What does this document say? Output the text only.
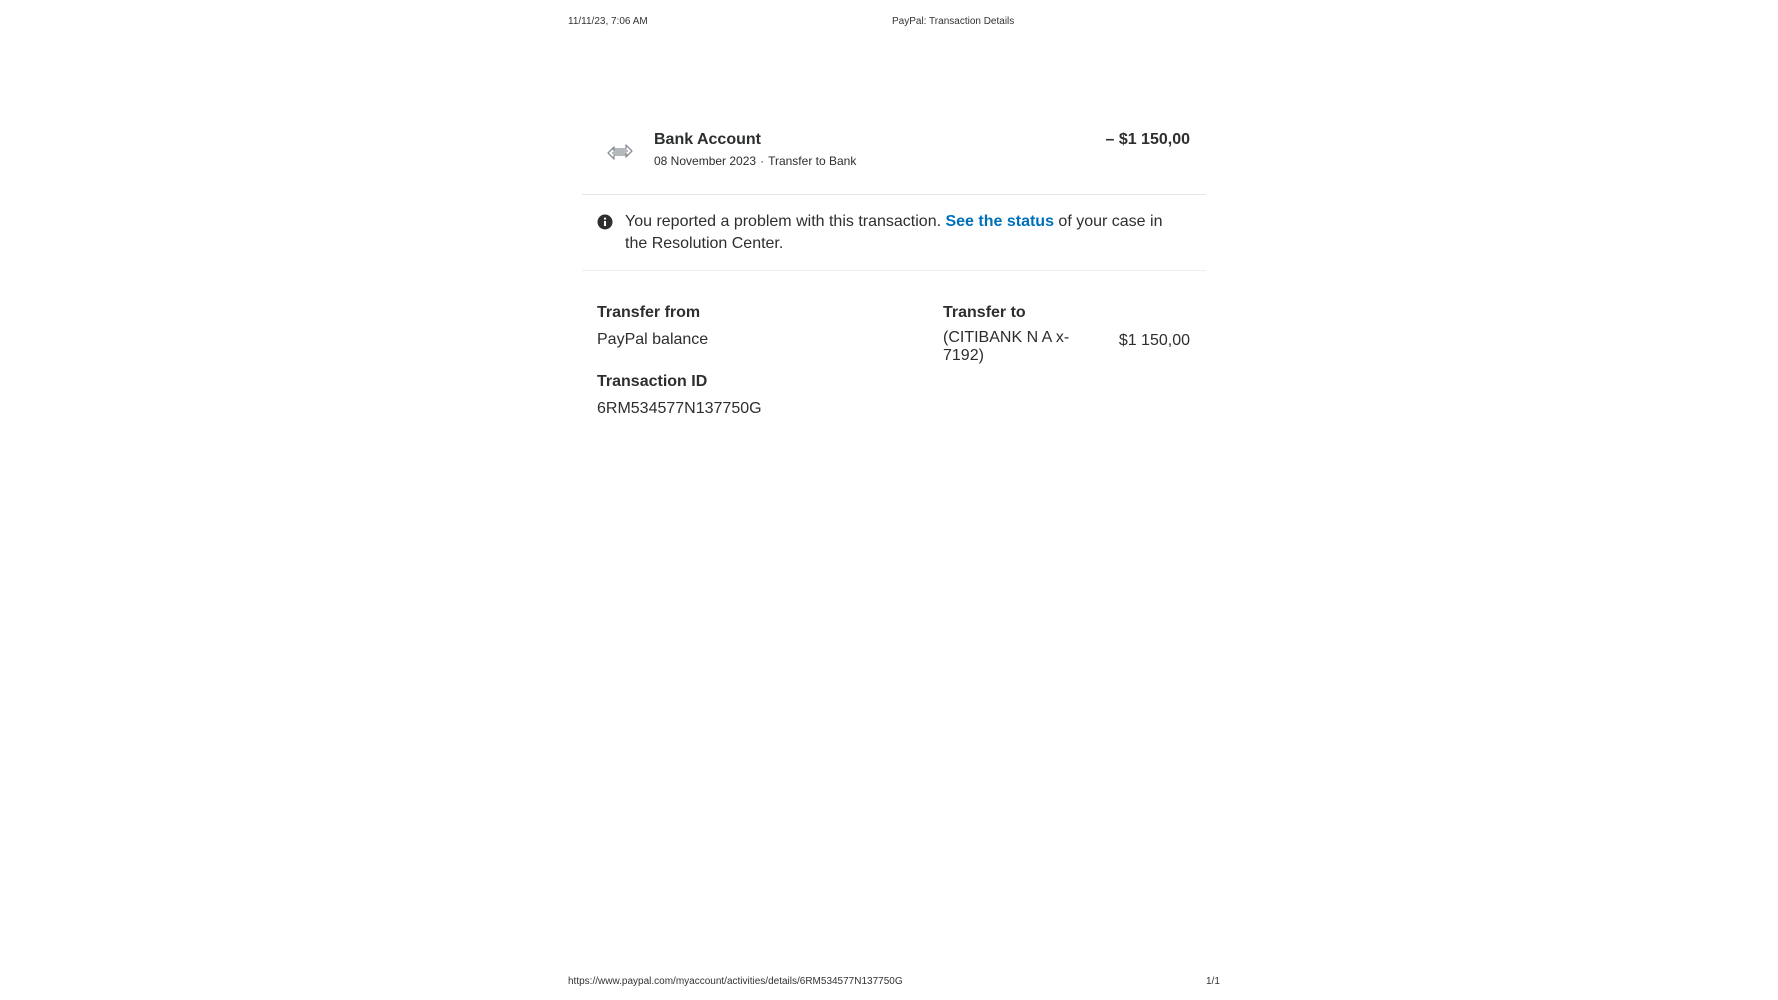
11/11/23, 7:06 AM	PayPal: Transaction Details
Bank Account
08 November 2023 · Transfer to Bank
– $1 150,00
You reported a problem with this transaction. See the status of your case in the Resolution Center.
Transfer from
PayPal balance
Transaction ID
6RM534577N137750G
Transfer to
(CITIBANK N A x-7192)
$1 150,00
https://www.paypal.com/myaccount/activities/details/6RM534577N137750G	1/1
